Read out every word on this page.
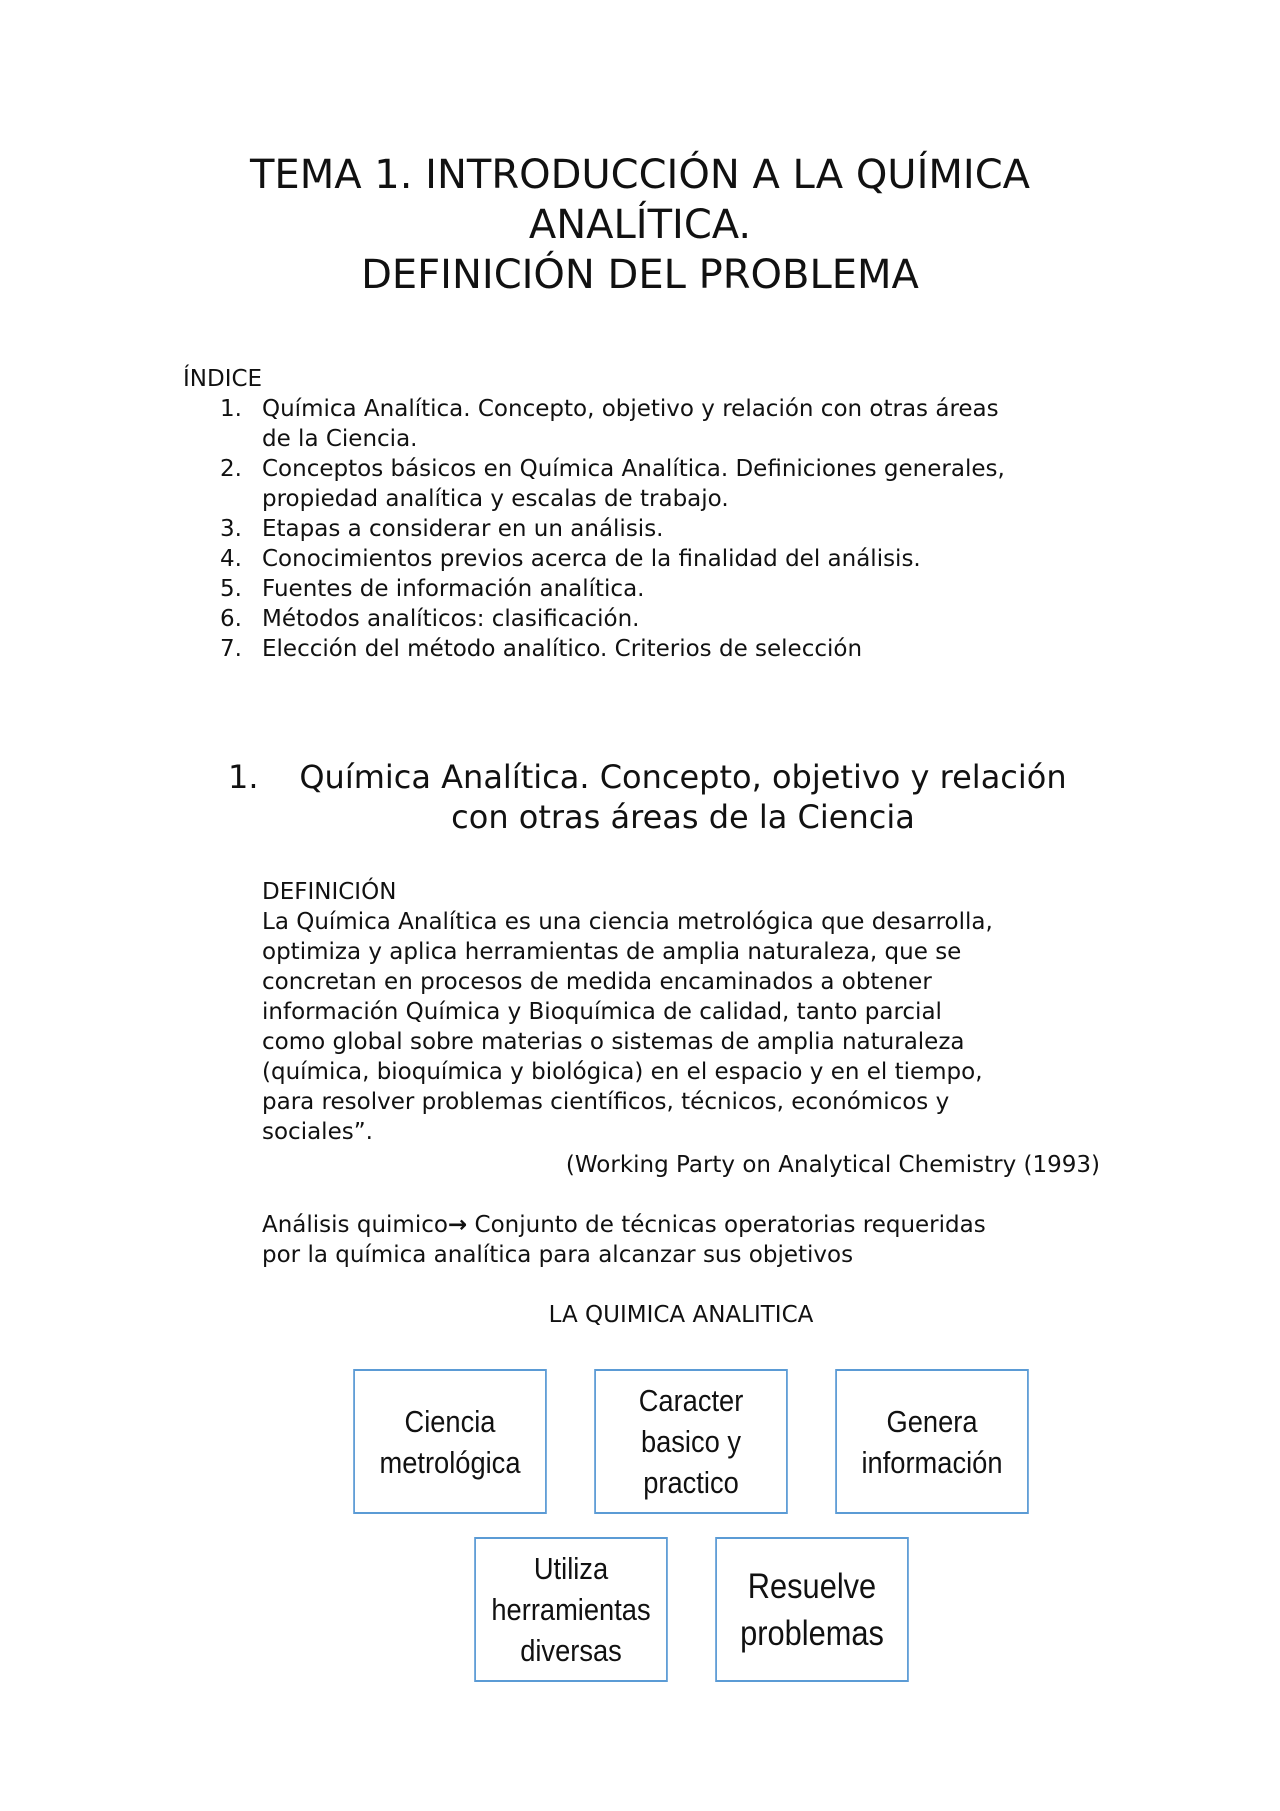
TEMA 1. INTRODUCCIÓN A LA QUÍMICA
ANALÍTICA.
DEFINICIÓN DEL PROBLEMA
ÍNDICE
1. Química Analítica. Concepto, objetivo y relación con otras áreas
de la Ciencia.
2. Conceptos básicos en Química Analítica. Definiciones generales,
propiedad analítica y escalas de trabajo.
3. Etapas a considerar en un análisis.
4. Conocimientos previos acerca de la finalidad del análisis.
5. Fuentes de información analítica.
6. Métodos analíticos: clasificación.
7. Elección del método analítico. Criterios de selección
1.	Química Analítica. Concepto, objetivo y relación
con otras áreas de la Ciencia
DEFINICIÓN
La Química Analítica es una ciencia metrológica que desarrolla,
optimiza y aplica herramientas de amplia naturaleza, que se
concretan en procesos de medida encaminados a obtener
información Química y Bioquímica de calidad, tanto parcial
como global sobre materias o sistemas de amplia naturaleza
(química, bioquímica y biológica) en el espacio y en el tiempo,
para resolver problemas científicos, técnicos, económicos y
sociales”.
(Working Party on Analytical Chemistry (1993)
Análisis quimico→ Conjunto de técnicas operatorias requeridas
por la química analítica para alcanzar sus objetivos
LA QUIMICA ANALITICA
Ciencia
metrológica
Caracter
basico y
practico
Genera
información
Utiliza
herramientas
diversas
Resuelve
problemas
